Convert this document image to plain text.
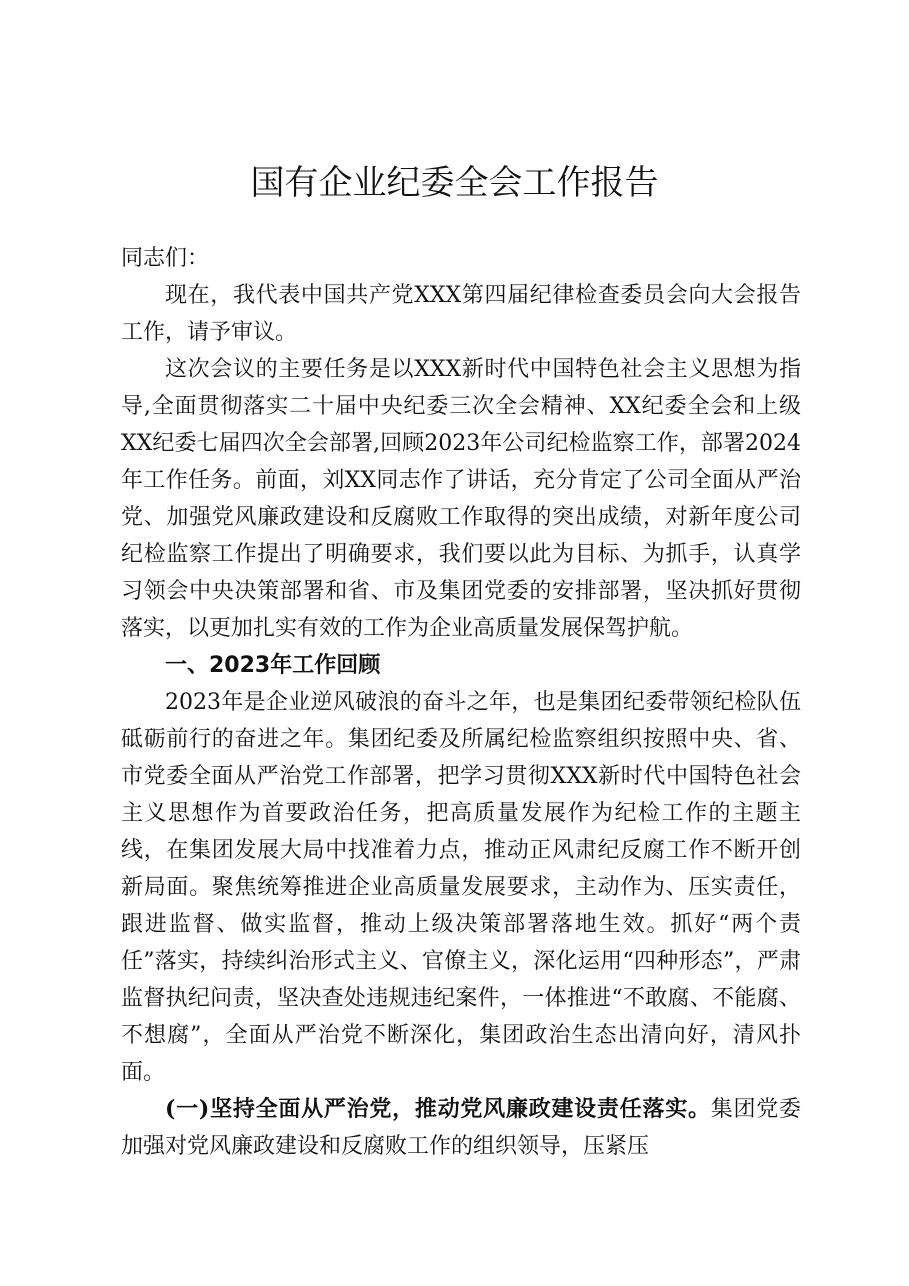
国有企业纪委全会工作报告

同志们：

现在，我代表中国共产党XXX第四届纪律检查委员会向大会报告工作，请予审议。

这次会议的主要任务是以XXX新时代中国特色社会主义思想为指导,全面贯彻落实二十届中央纪委三次全会精神、XX纪委全会和上级XX纪委七届四次全会部署,回顾2023年公司纪检监察工作，部署2024年工作任务。前面，刘XX同志作了讲话，充分肯定了公司全面从严治党、加强党风廉政建设和反腐败工作取得的突出成绩，对新年度公司纪检监察工作提出了明确要求，我们要以此为目标、为抓手，认真学习领会中央决策部署和省、市及集团党委的安排部署，坚决抓好贯彻落实，以更加扎实有效的工作为企业高质量发展保驾护航。

一、2023年工作回顾

2023年是企业逆风破浪的奋斗之年，也是集团纪委带领纪检队伍砥砺前行的奋进之年。集团纪委及所属纪检监察组织按照中央、省、市党委全面从严治党工作部署，把学习贯彻XXX新时代中国特色社会主义思想作为首要政治任务，把高质量发展作为纪检工作的主题主线，在集团发展大局中找准着力点，推动正风肃纪反腐工作不断开创新局面。聚焦统筹推进企业高质量发展要求，主动作为、压实责任，跟进监督、做实监督，推动上级决策部署落地生效。抓好“两个责任”落实，持续纠治形式主义、官僚主义，深化运用“四种形态”，严肃监督执纪问责，坚决查处违规违纪案件，一体推进“不敢腐、不能腐、不想腐”，全面从严治党不断深化，集团政治生态出清向好，清风扑面。

(一)坚持全面从严治党，推动党风廉政建设责任落实。集团党委加强对党风廉政建设和反腐败工作的组织领导，压紧压
